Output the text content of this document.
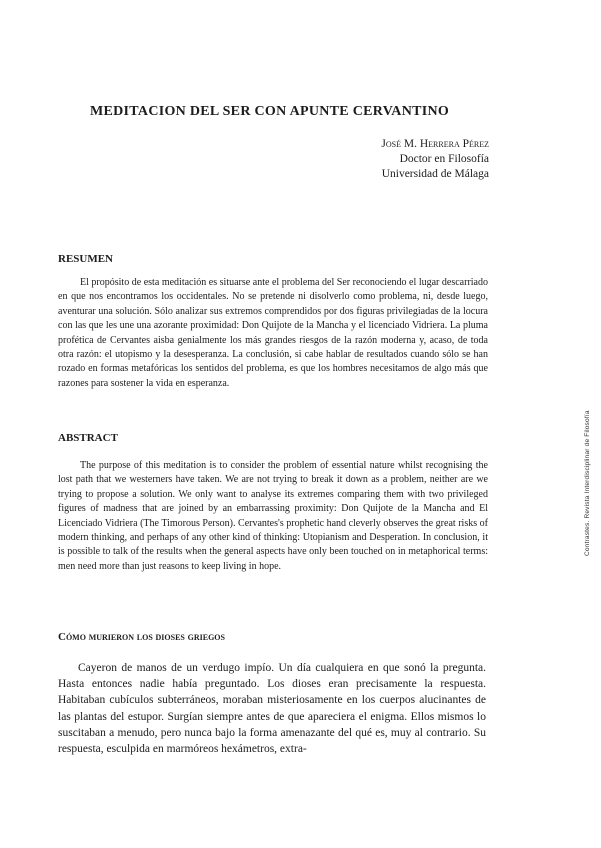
MEDITACION DEL SER CON APUNTE CERVANTINO
José M. Herrera Pérez
Doctor en Filosofía
Universidad de Málaga
RESUMEN

El propósito de esta meditación es situarse ante el problema del Ser reconociendo el lugar descarriado en que nos encontramos los occidentales. No se pretende ni disolverlo como problema, ni, desde luego, aventurar una solución. Sólo analizar sus extremos comprendidos por dos figuras privilegiadas de la locura con las que les une una azorante proximidad: Don Quijote de la Mancha y el licenciado Vidriera. La pluma profética de Cervantes aisba genialmente los más grandes riesgos de la razón moderna y, acaso, de toda otra razón: el utopismo y la desesperanza. La conclusión, si cabe hablar de resultados cuando sólo se han rozado en formas metafóricas los sentidos del problema, es que los hombres necesitamos de algo más que razones para sostener la vida en esperanza.

ABSTRACT

The purpose of this meditation is to consider the problem of essential nature whilst recognising the lost path that we westerners have taken. We are not trying to break it down as a problem, neither are we trying to propose a solution. We only want to analyse its extremes comparing them with two privileged figures of madness that are joined by an embarrassing proximity: Don Quijote de la Mancha and El Licenciado Vidriera (The Timorous Person). Cervantes's prophetic hand cleverly observes the great risks of modern thinking, and perhaps of any other kind of thinking: Utopianism and Desperation. In conclusion, it is possible to talk of the results when the general aspects have only been touched on in metaphorical terms: men need more than just reasons to keep living in hope.

Cómo murieron los dioses griegos

Cayeron de manos de un verdugo impío. Un día cualquiera en que sonó la pregunta. Hasta entonces nadie había preguntado. Los dioses eran precisamente la respuesta. Habitaban cubículos subterráneos, moraban misteriosamente en los cuerpos alucinantes de las plantas del estupor. Surgían siempre antes de que apareciera el enigma. Ellos mismos lo suscitaban a menudo, pero nunca bajo la forma amenazante del qué es, muy al contrario. Su respuesta, esculpida en marmóreos hexámetros, extra-

Contrastes. Revista Interdisciplinar de Filosofía
